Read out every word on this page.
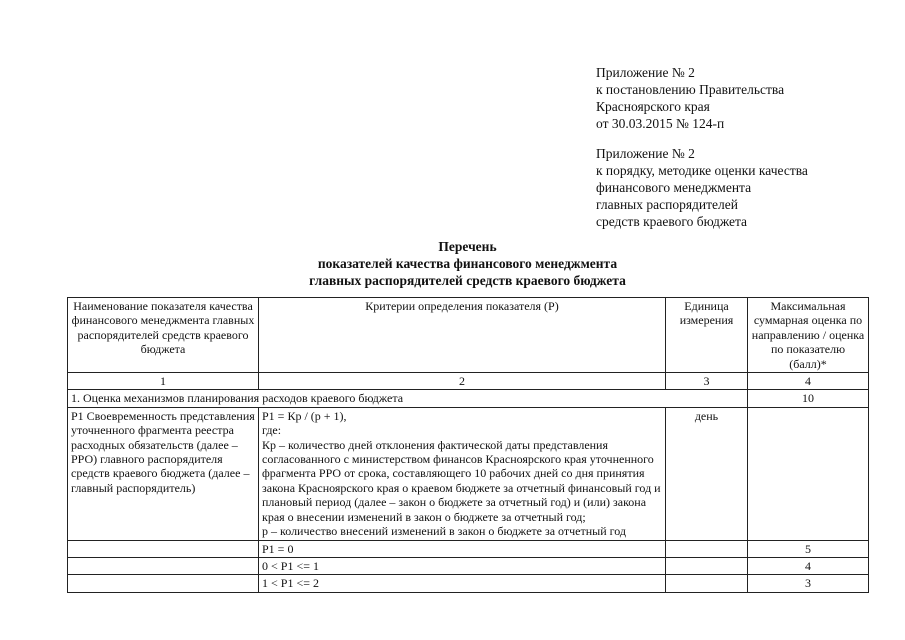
Приложение № 2
к постановлению Правительства
Красноярского края
от 30.03.2015 № 124-п
Приложение № 2
к порядку, методике оценки качества
финансового менеджмента
главных распорядителей
средств краевого бюджета
Перечень
показателей качества финансового менеджмента
главных распорядителей средств краевого бюджета
Наименование показателя качества финансового менеджмента главных распорядителей средств краевого бюджета	Критерии определения показателя (Р)	Единица измерения	Максимальная суммарная оценка по направлению / оценка по показателю (балл)*
1	2	3	4
1. Оценка механизмов планирования расходов краевого бюджета			10
Р1 Своевременность представления уточненного фрагмента реестра расходных обязательств (далее – РРО) главного распорядителя средств краевого бюджета (далее – главный распорядитель)	Р1 = Кр / (р + 1),
где:
Кр – количество дней отклонения фактической даты представления согласованного с министерством финансов Красноярского края уточненного фрагмента РРО от срока, составляющего 10 рабочих дней со дня принятия закона Красноярского края о краевом бюджете за отчетный финансовый год и плановый период (далее – закон о бюджете за отчетный год) и (или) закона края о внесении изменений в закон о бюджете за отчетный год;
р – количество внесений изменений в закон о бюджете за отчетный год	день	
	Р1 = 0		5
	0 < Р1 <= 1		4
	1 < Р1 <= 2		3
